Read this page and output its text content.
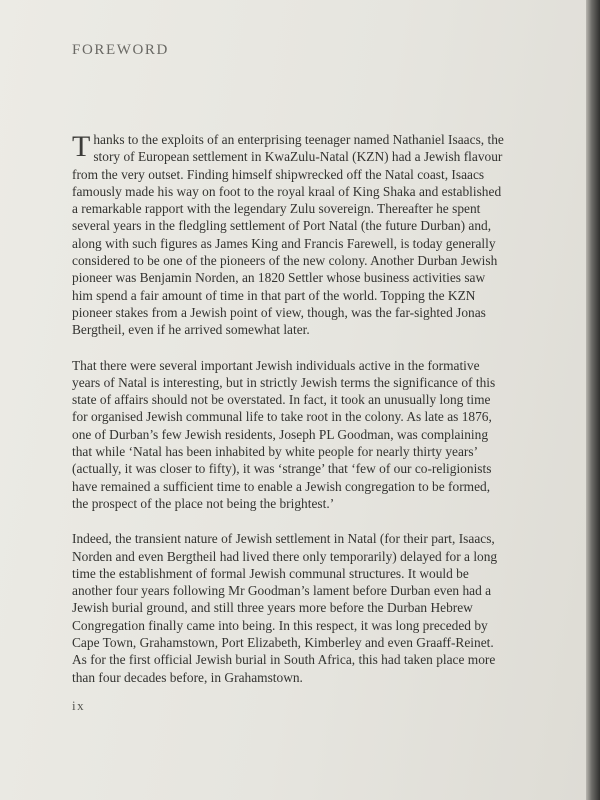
FOREWORD

Thanks to the exploits of an enterprising teenager named Nathaniel Isaacs, the story of European settlement in KwaZulu-Natal (KZN) had a Jewish flavour from the very outset. Finding himself shipwrecked off the Natal coast, Isaacs famously made his way on foot to the royal kraal of King Shaka and established a remarkable rapport with the legendary Zulu sovereign. Thereafter he spent several years in the fledgling settlement of Port Natal (the future Durban) and, along with such figures as James King and Francis Farewell, is today generally considered to be one of the pioneers of the new colony. Another Durban Jewish pioneer was Benjamin Norden, an 1820 Settler whose business activities saw him spend a fair amount of time in that part of the world. Topping the KZN pioneer stakes from a Jewish point of view, though, was the far-sighted Jonas Bergtheil, even if he arrived somewhat later.

That there were several important Jewish individuals active in the formative years of Natal is interesting, but in strictly Jewish terms the significance of this state of affairs should not be overstated. In fact, it took an unusually long time for organised Jewish communal life to take root in the colony. As late as 1876, one of Durban’s few Jewish residents, Joseph PL Goodman, was complaining that while ‘Natal has been inhabited by white people for nearly thirty years’ (actually, it was closer to fifty), it was ‘strange’ that ‘few of our co-religionists have remained a sufficient time to enable a Jewish congregation to be formed, the prospect of the place not being the brightest.’

Indeed, the transient nature of Jewish settlement in Natal (for their part, Isaacs, Norden and even Bergtheil had lived there only temporarily) delayed for a long time the establishment of formal Jewish communal structures. It would be another four years following Mr Goodman’s lament before Durban even had a Jewish burial ground, and still three years more before the Durban Hebrew Congregation finally came into being. In this respect, it was long preceded by Cape Town, Grahamstown, Port Elizabeth, Kimberley and even Graaff-Reinet. As for the first official Jewish burial in South Africa, this had taken place more than four decades before, in Grahamstown.

ix
